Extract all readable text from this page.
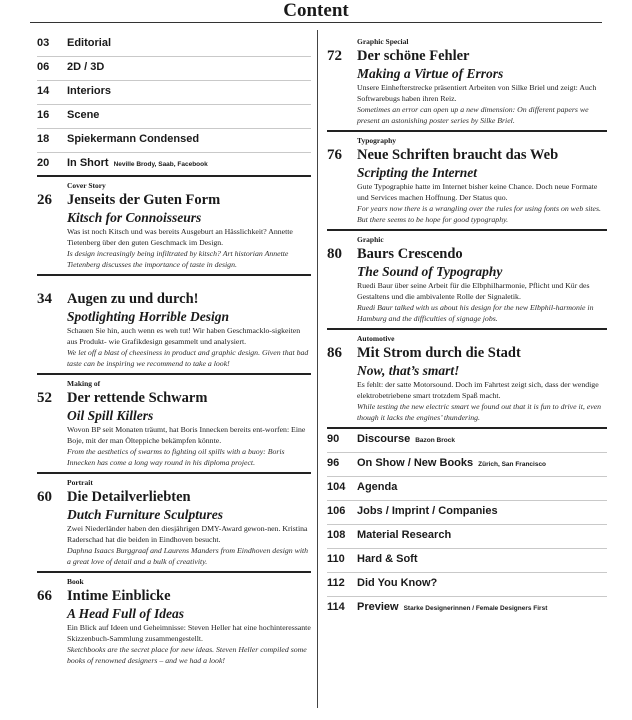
Content
03	Editorial
06	2D / 3D
14	Interiors
16	Scene
18	Spiekermann Condensed
20	In Short Neville Brody, Saab, Facebook
Cover Story
26 Jenseits der Guten Form
Kitsch for Connoisseurs
Was ist noch Kitsch und was bereits Ausgeburt an Hässlichkeit? Annette Tietenberg über den guten Geschmack im Design.
Is design increasingly being infiltrated by kitsch? Art historian Annette Tietenberg discusses the importance of taste in design.
34 Augen zu und durch!
Spotlighting Horrible Design
Schauen Sie hin, auch wenn es weh tut! Wir haben Geschmacklo-sigkeiten aus Produkt- wie Grafikdesign gesammelt und analysiert.
We let off a blast of cheesiness in product and graphic design. Given that bad taste can be inspiring we recommend to take a look!
Making of
52 Der rettende Schwarm
Oil Spill Killers
Wovon BP seit Monaten träumt, hat Boris Innecken bereits ent-worfen: Eine Boje, mit der man Ölteppiche bekämpfen könnte.
From the aesthetics of swarms to fighting oil spills with a buoy: Boris Innecken has come a long way round in his diploma project.
Portrait
60 Die Detailverliebten
Dutch Furniture Sculptures
Zwei Niederländer haben den diesjährigen DMY-Award gewon-nen. Kristina Raderschad hat die beiden in Eindhoven besucht.
Daphna Isaacs Burggraaf and Laurens Manders from Eindhoven design with a great love of detail and a bulk of creativity.
Book
66 Intime Einblicke
A Head Full of Ideas
Ein Blick auf Ideen und Geheimnisse: Steven Heller hat eine hochinteressante Skizzenbuch-Sammlung zusammengestellt.
Sketchbooks are the secret place for new ideas. Steven Heller compiled some books of renowned designers – and we had a look!
Graphic Special
72 Der schöne Fehler
Making a Virtue of Errors
Unsere Einhefterstrecke präsentiert Arbeiten von Silke Briel und zeigt: Auch Softwarebugs haben ihren Reiz.
Sometimes an error can open up a new dimension: On different papers we present an astonishing poster series by Silke Briel.
Typography
76 Neue Schriften braucht das Web
Scripting the Internet
Gute Typographie hatte im Internet bisher keine Chance. Doch neue Formate und Services machen Hoffnung. Der Status quo.
For years now there is a wrangling over the rules for using fonts on web sites. But there seems to be hope for good typography.
Graphic
80 Baurs Crescendo
The Sound of Typography
Ruedi Baur über seine Arbeit für die Elbphilharmonie, Pflicht und Kür des Gestaltens und die ambivalente Rolle der Signaletik.
Ruedi Baur talked with us about his design for the new Elbphil-harmonie in Hamburg and the difficulties of signage jobs.
Automotive
86 Mit Strom durch die Stadt
Now, that’s smart!
Es fehlt: der satte Motorsound. Doch im Fahrtest zeigt sich, dass der wendige elektrobetriebene smart trotzdem Spaß macht.
While testing the new electric smart we found out that it is fun to drive it, even though it lacks the engines’ thundering.
90	Discourse Bazon Brock
96	On Show / New Books Zürich, San Francisco
104	Agenda
106	Jobs / Imprint / Companies
108	Material Research
110	Hard & Soft
112	Did You Know?
114	Preview Starke Designerinnen / Female Designers First
